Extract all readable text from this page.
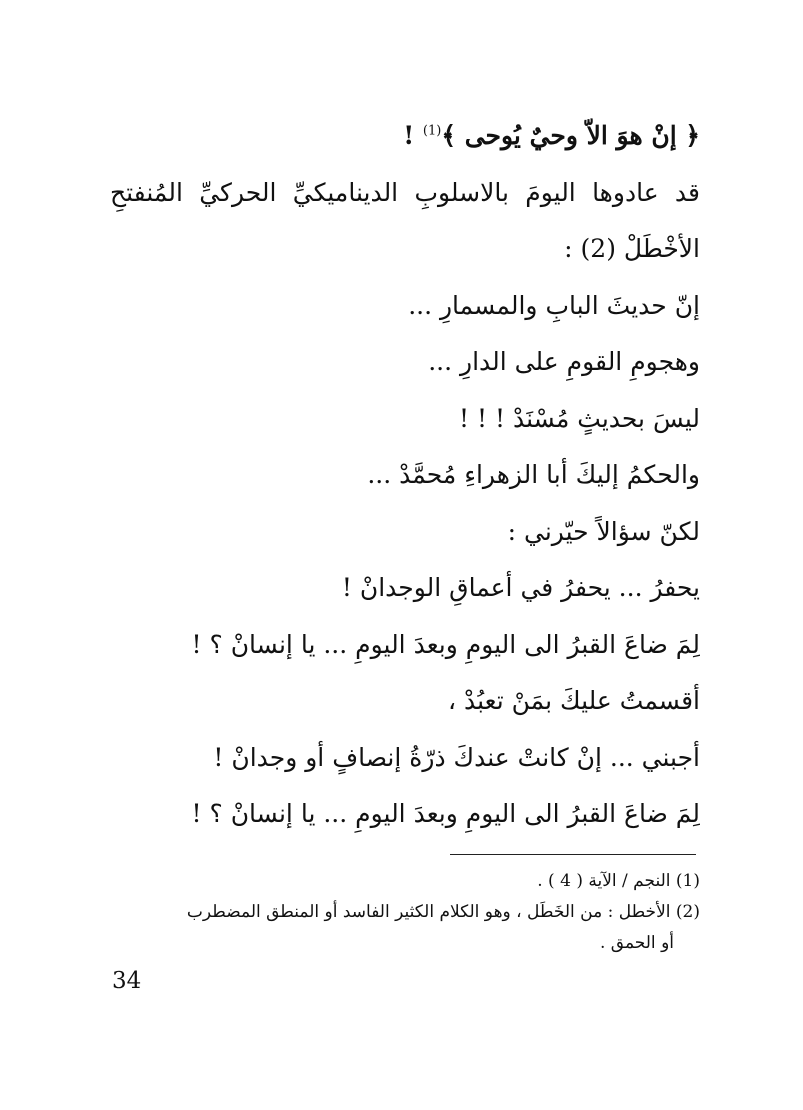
﴿ إنْ هوَ الاّ وحيٌ يُوحى ﴾$^{(1)}$ !
قد عادوها اليومَ بالاسلوبِ الديناميكيِّ الحركيِّ المُنفتحِ
الأخْطَلْ (2) :
إنّ حديثَ البابِ والمسمارِ ...
وهجومِ القومِ على الدارِ ...
ليسَ بحديثٍ مُسْنَدْ ! ! !
والحكمُ إليكَ أبا الزهراءِ مُحمَّدْ ...
لكنّ سؤالاً حيّرني :
يحفرُ ... يحفرُ في أعماقِ الوجدانْ !
لِمَ ضاعَ القبرُ الى اليومِ وبعدَ اليومِ ... يا إنسانْ ؟ !
أقسمتُ عليكَ بمَنْ تعبُدْ ،
أجبني ... إنْ كانتْ عندكَ ذرّةُ إنصافٍ أو وجدانْ !
لِمَ ضاعَ القبرُ الى اليومِ وبعدَ اليومِ ... يا إنسانْ ؟ !

(1) النجم / الآية ( 4 ) .

(2) الأخطل : من الخَطَل ، وهو الكلام الكثير الفاسد أو المنطق المضطرب

أو الحمق .

34
